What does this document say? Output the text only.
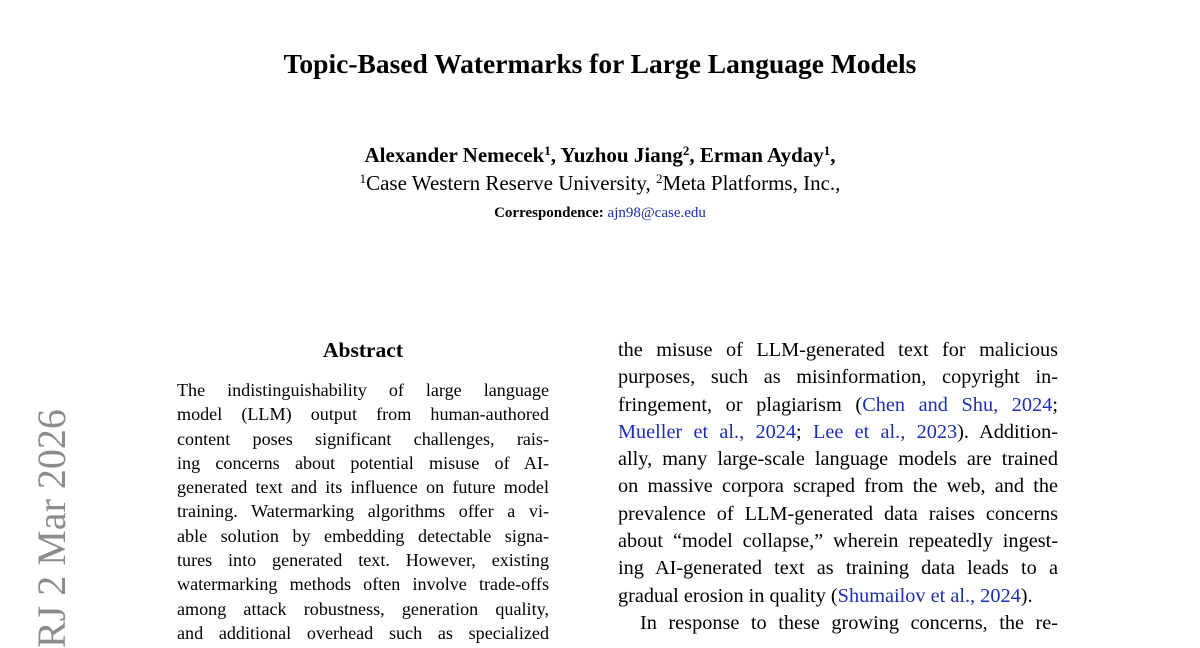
Topic-Based Watermarks for Large Language Models
Alexander Nemecek$^1$, Yuzhou Jiang$^2$, Erman Ayday$^1$,
$^1$Case Western Reserve University, $^2$Meta Platforms, Inc.,
Correspondence: ajn98@case.edu
Abstract
The indistinguishability of large language
model (LLM) output from human-authored
content poses significant challenges, rais-
ing concerns about potential misuse of AI-
generated text and its influence on future model
training. Watermarking algorithms offer a vi-
able solution by embedding detectable signa-
tures into generated text. However, existing
watermarking methods often involve trade-offs
among attack robustness, generation quality,
and additional overhead such as specialized
the misuse of LLM-generated text for malicious
purposes, such as misinformation, copyright in-
fringement, or plagiarism (Chen and Shu, 2024;
Mueller et al., 2024; Lee et al., 2023). Addition-
ally, many large-scale language models are trained
on massive corpora scraped from the web, and the
prevalence of LLM-generated data raises concerns
about “model collapse,” wherein repeatedly ingest-
ing AI-generated text as training data leads to a
gradual erosion in quality (Shumailov et al., 2024).
In response to these growing concerns, the re-
RJ 2 Mar 2026
